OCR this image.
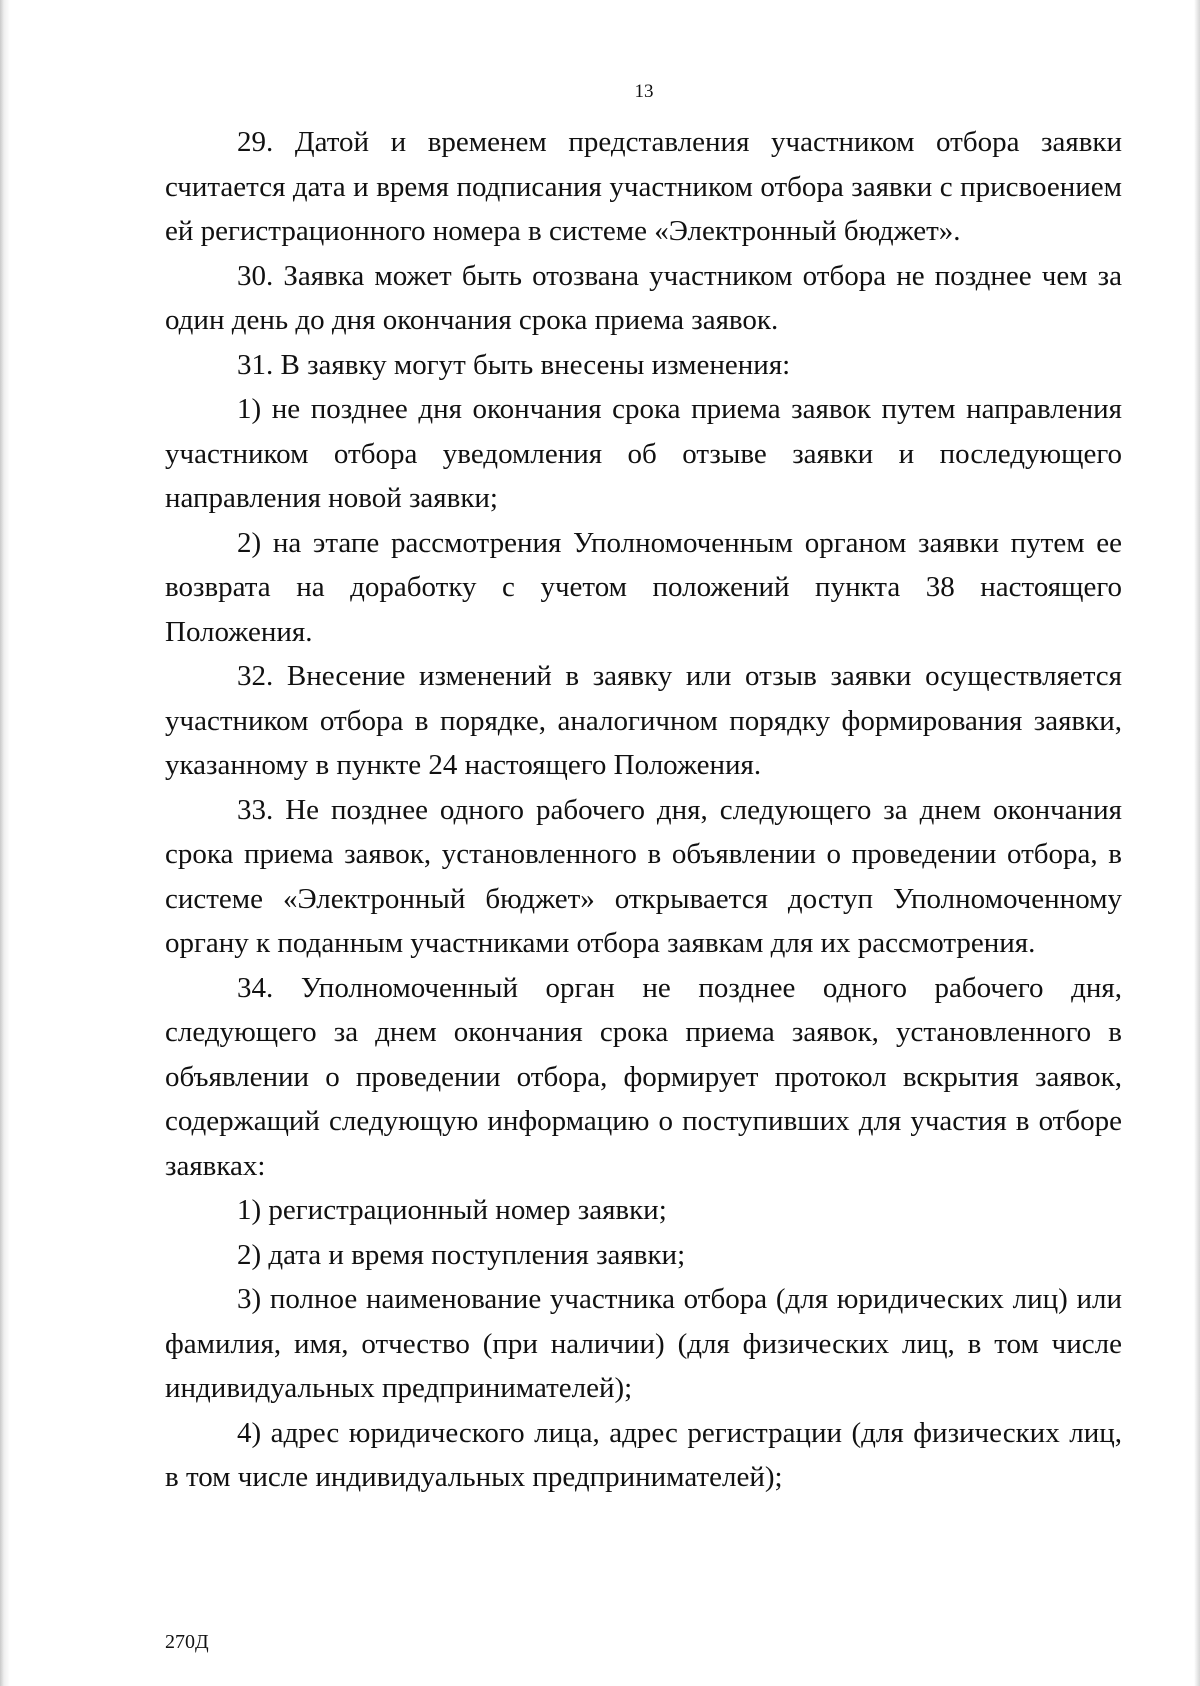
13

29. Датой и временем представления участником отбора заявки считается дата и время подписания участником отбора заявки с присвоением ей регистрационного номера в системе «Электронный бюджет».

30. Заявка может быть отозвана участником отбора не позднее чем за один день до дня окончания срока приема заявок.

31. В заявку могут быть внесены изменения:

1) не позднее дня окончания срока приема заявок путем направления участником отбора уведомления об отзыве заявки и последующего направления новой заявки;

2) на этапе рассмотрения Уполномоченным органом заявки путем ее возврата на доработку с учетом положений пункта 38 настоящего Положения.

32. Внесение изменений в заявку или отзыв заявки осуществляется участником отбора в порядке, аналогичном порядку формирования заявки, указанному в пункте 24 настоящего Положения.

33. Не позднее одного рабочего дня, следующего за днем окончания срока приема заявок, установленного в объявлении о проведении отбора, в системе «Электронный бюджет» открывается доступ Уполномоченному органу к поданным участниками отбора заявкам для их рассмотрения.

34. Уполномоченный орган не позднее одного рабочего дня, следующего за днем окончания срока приема заявок, установленного в объявлении о проведении отбора, формирует протокол вскрытия заявок, содержащий следующую информацию о поступивших для участия в отборе заявках:

1) регистрационный номер заявки;

2) дата и время поступления заявки;

3) полное наименование участника отбора (для юридических лиц) или фамилия, имя, отчество (при наличии) (для физических лиц, в том числе индивидуальных предпринимателей);

4) адрес юридического лица, адрес регистрации (для физических лиц, в том числе индивидуальных предпринимателей);

270Д
